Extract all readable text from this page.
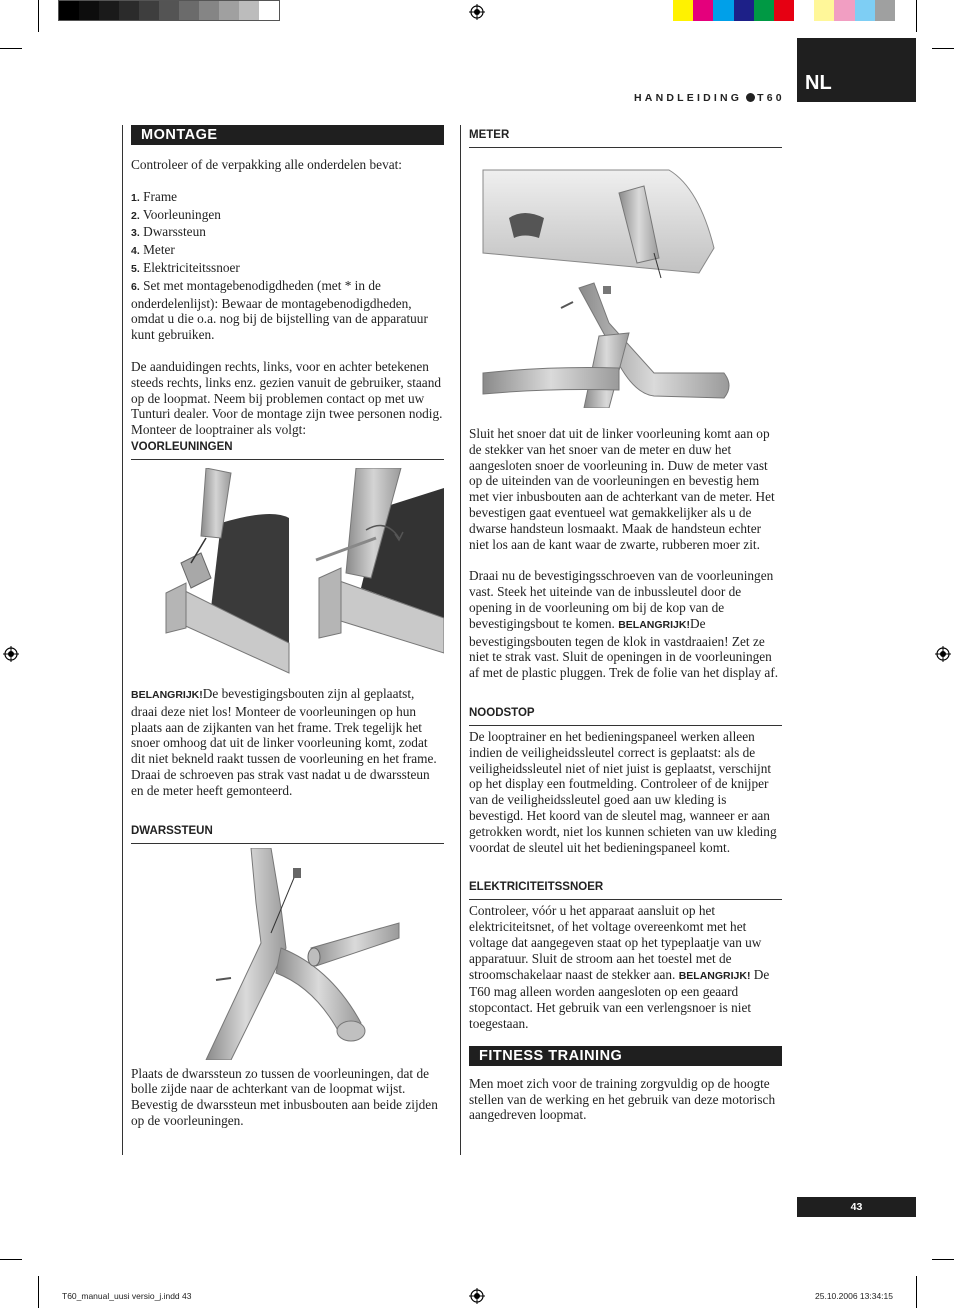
HANDLEIDING T60
NL
MONTAGE

Controleer of de verpakking alle onderdelen bevat:

1. Frame

2. Voorleuningen

3. Dwarssteun

4. Meter

5. Elektriciteitssnoer

6. Set met montagebenodigdheden (met * in de onderdelenlijst): Bewaar de montagebenodigdheden, omdat u die o.a. nog bij de bijstelling van de apparatuur kunt gebruiken.

De aanduidingen rechts, links, voor en achter betekenen steeds rechts, links enz. gezien vanuit de gebruiker, staand op de loopmat. Neem bij problemen contact op met uw Tunturi dealer. Voor de montage zijn twee personen nodig. Monteer de looptrainer als volgt:

VOORLEUNINGEN

BELANGRIJK!De bevestigingsbouten zijn al geplaatst, draai deze niet los! Monteer de voorleuningen op hun plaats aan de zijkanten van het frame. Trek tegelijk het snoer omhoog dat uit de linker voorleuning komt, zodat dit niet bekneld raakt tussen de voorleuning en het frame. Draai de schroeven pas strak vast nadat u de dwarssteun en de meter heeft gemonteerd.

DWARSSTEUN

Plaats de dwarssteun zo tussen de voorleuningen, dat de bolle zijde naar de achterkant van de loopmat wijst. Bevestig de dwarssteun met inbusbouten aan beide zijden op de voorleuningen.

METER

Sluit het snoer dat uit de linker voorleuning komt aan op de stekker van het snoer van de meter en duw het aangesloten snoer de voorleuning in. Duw de meter vast op de uiteinden van de voorleuningen en bevestig hem met vier inbusbouten aan de achterkant van de meter. Het bevestigen gaat eventueel wat gemakkelijker als u de dwarse handsteun losmaakt. Maak de handsteun echter niet los aan de kant waar de zwarte, rubberen moer zit.

Draai nu de bevestigingsschroeven van de voorleuningen vast. Steek het uiteinde van de inbussleutel door de opening in de voorleuning om bij de kop van de bevestigingsbout te komen. BELANGRIJK!De bevestigingsbouten tegen de klok in vastdraaien! Zet ze niet te strak vast. Sluit de openingen in de voorleuningen af met de plastic pluggen. Trek de folie van het display af.

NOODSTOP

De looptrainer en het bedieningspaneel werken alleen indien de veiligheidssleutel correct is geplaatst: als de veiligheidssleutel niet of niet juist is geplaatst, verschijnt op het display een foutmelding. Controleer of de knijper van de veiligheidssleutel goed aan uw kleding is bevestigd. Het koord van de sleutel mag, wanneer er aan getrokken wordt, niet los kunnen schieten van uw kleding voordat de sleutel uit het bedieningspaneel komt.

ELEKTRICITEITSSNOER

Controleer, vóór u het apparaat aansluit op het elektriciteitsnet, of het voltage overeenkomt met het voltage dat aangegeven staat op het typeplaatje van uw apparatuur. Sluit de stroom aan het toestel met de stroomschakelaar naast de stekker aan. BELANGRIJK! De T60 mag alleen worden aangesloten op een geaard stopcontact. Het gebruik van een verlengsnoer is niet toegestaan.

FITNESS TRAINING

Men moet zich voor de training zorgvuldig op de hoogte stellen van de werking en het gebruik van deze motorisch aangedreven loopmat.

43
T60_manual_uusi versio_j.indd 43	25.10.2006 13:34:15
